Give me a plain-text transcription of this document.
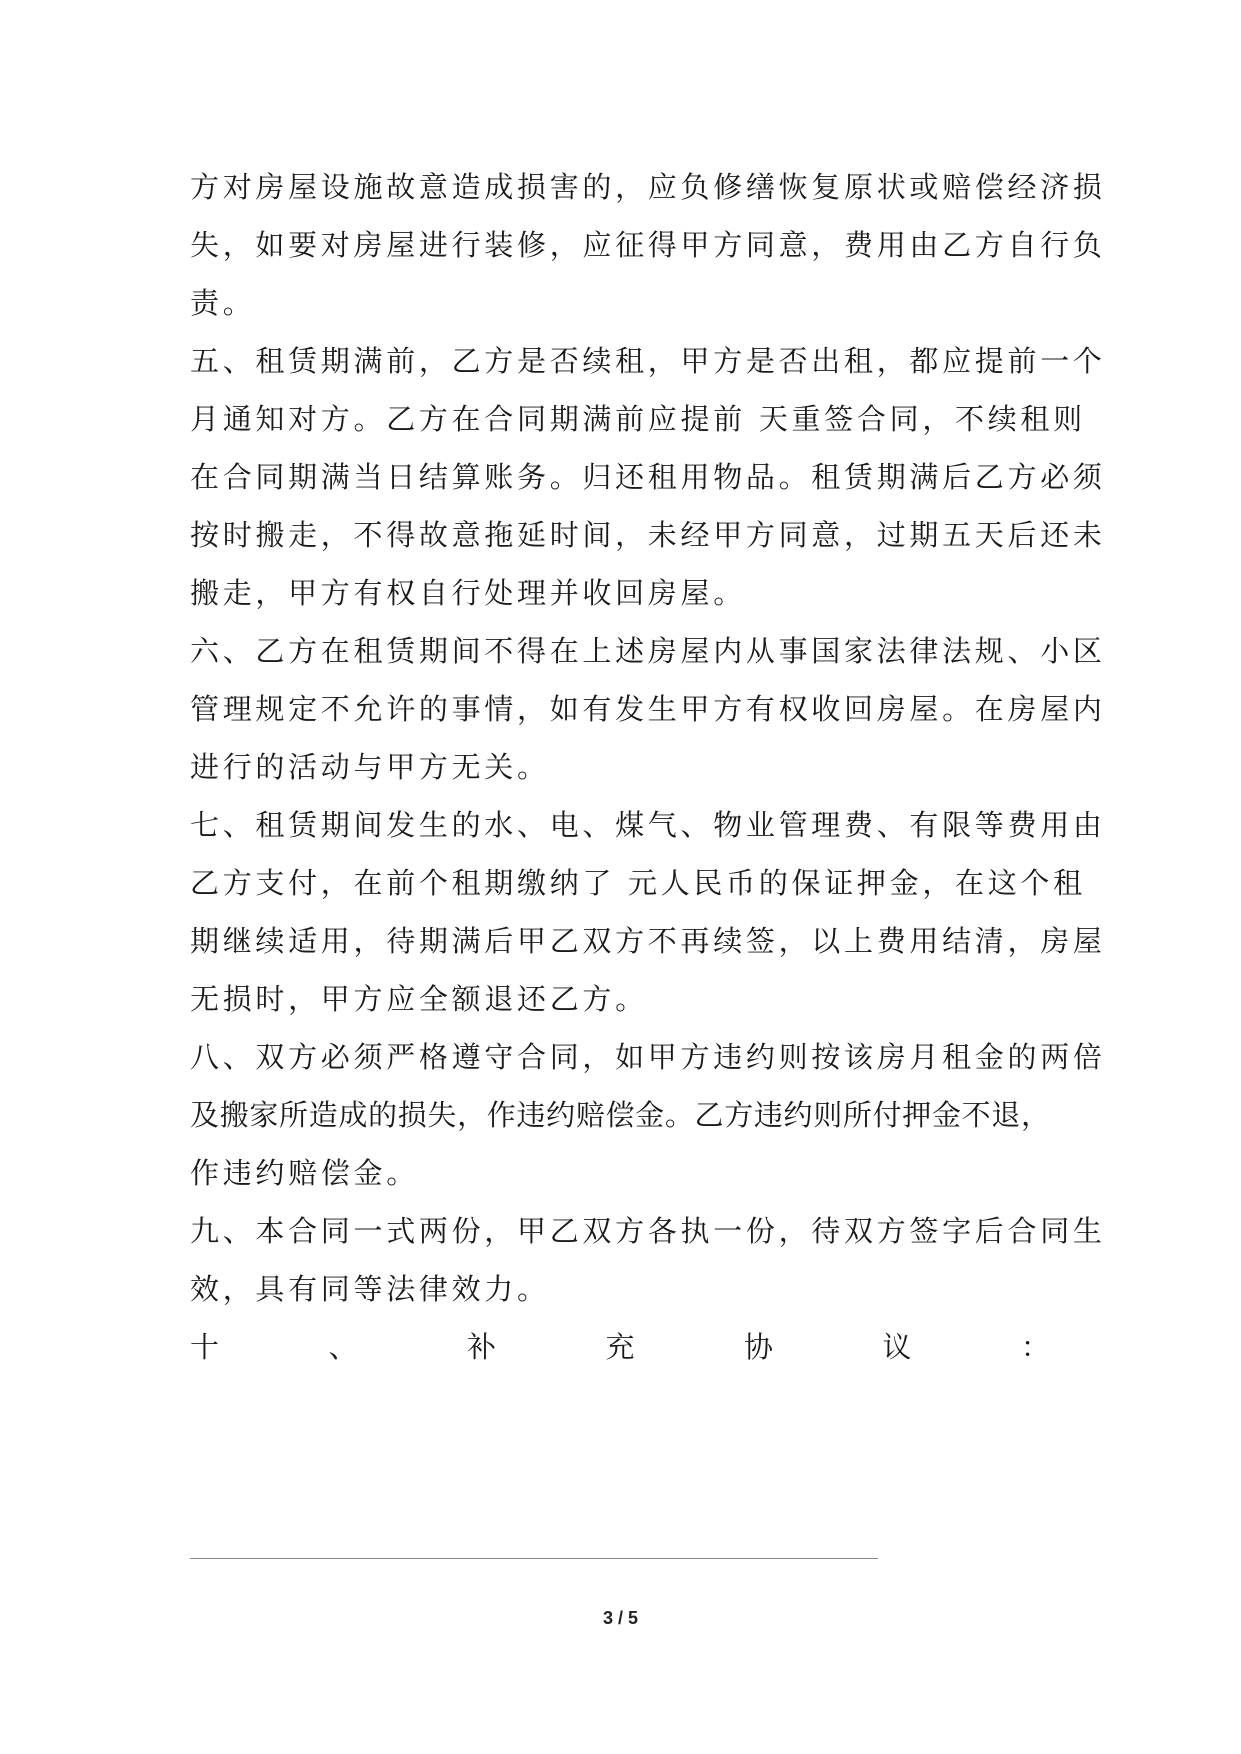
方对房屋设施故意造成损害的，应负修缮恢复原状或赔偿经济损
失，如要对房屋进行装修，应征得甲方同意，费用由乙方自行负
责。
五、租赁期满前，乙方是否续租，甲方是否出租，都应提前一个
月通知对方。乙方在合同期满前应提前 天重签合同，不续租则
在合同期满当日结算账务。归还租用物品。租赁期满后乙方必须
按时搬走，不得故意拖延时间，未经甲方同意，过期五天后还未
搬走，甲方有权自行处理并收回房屋。
六、乙方在租赁期间不得在上述房屋内从事国家法律法规、小区
管理规定不允许的事情，如有发生甲方有权收回房屋。在房屋内
进行的活动与甲方无关。
七、租赁期间发生的水、电、煤气、物业管理费、有限等费用由
乙方支付，在前个租期缴纳了 元人民币的保证押金，在这个租
期继续适用，待期满后甲乙双方不再续签，以上费用结清，房屋
无损时，甲方应全额退还乙方。
八、双方必须严格遵守合同，如甲方违约则按该房月租金的两倍
及搬家所造成的损失，作违约赔偿金。乙方违约则所付押金不退，
作违约赔偿金。
九、本合同一式两份，甲乙双方各执一份，待双方签字后合同生
效，具有同等法律效力。
十	、	补	充	协	议	：
3 / 5
